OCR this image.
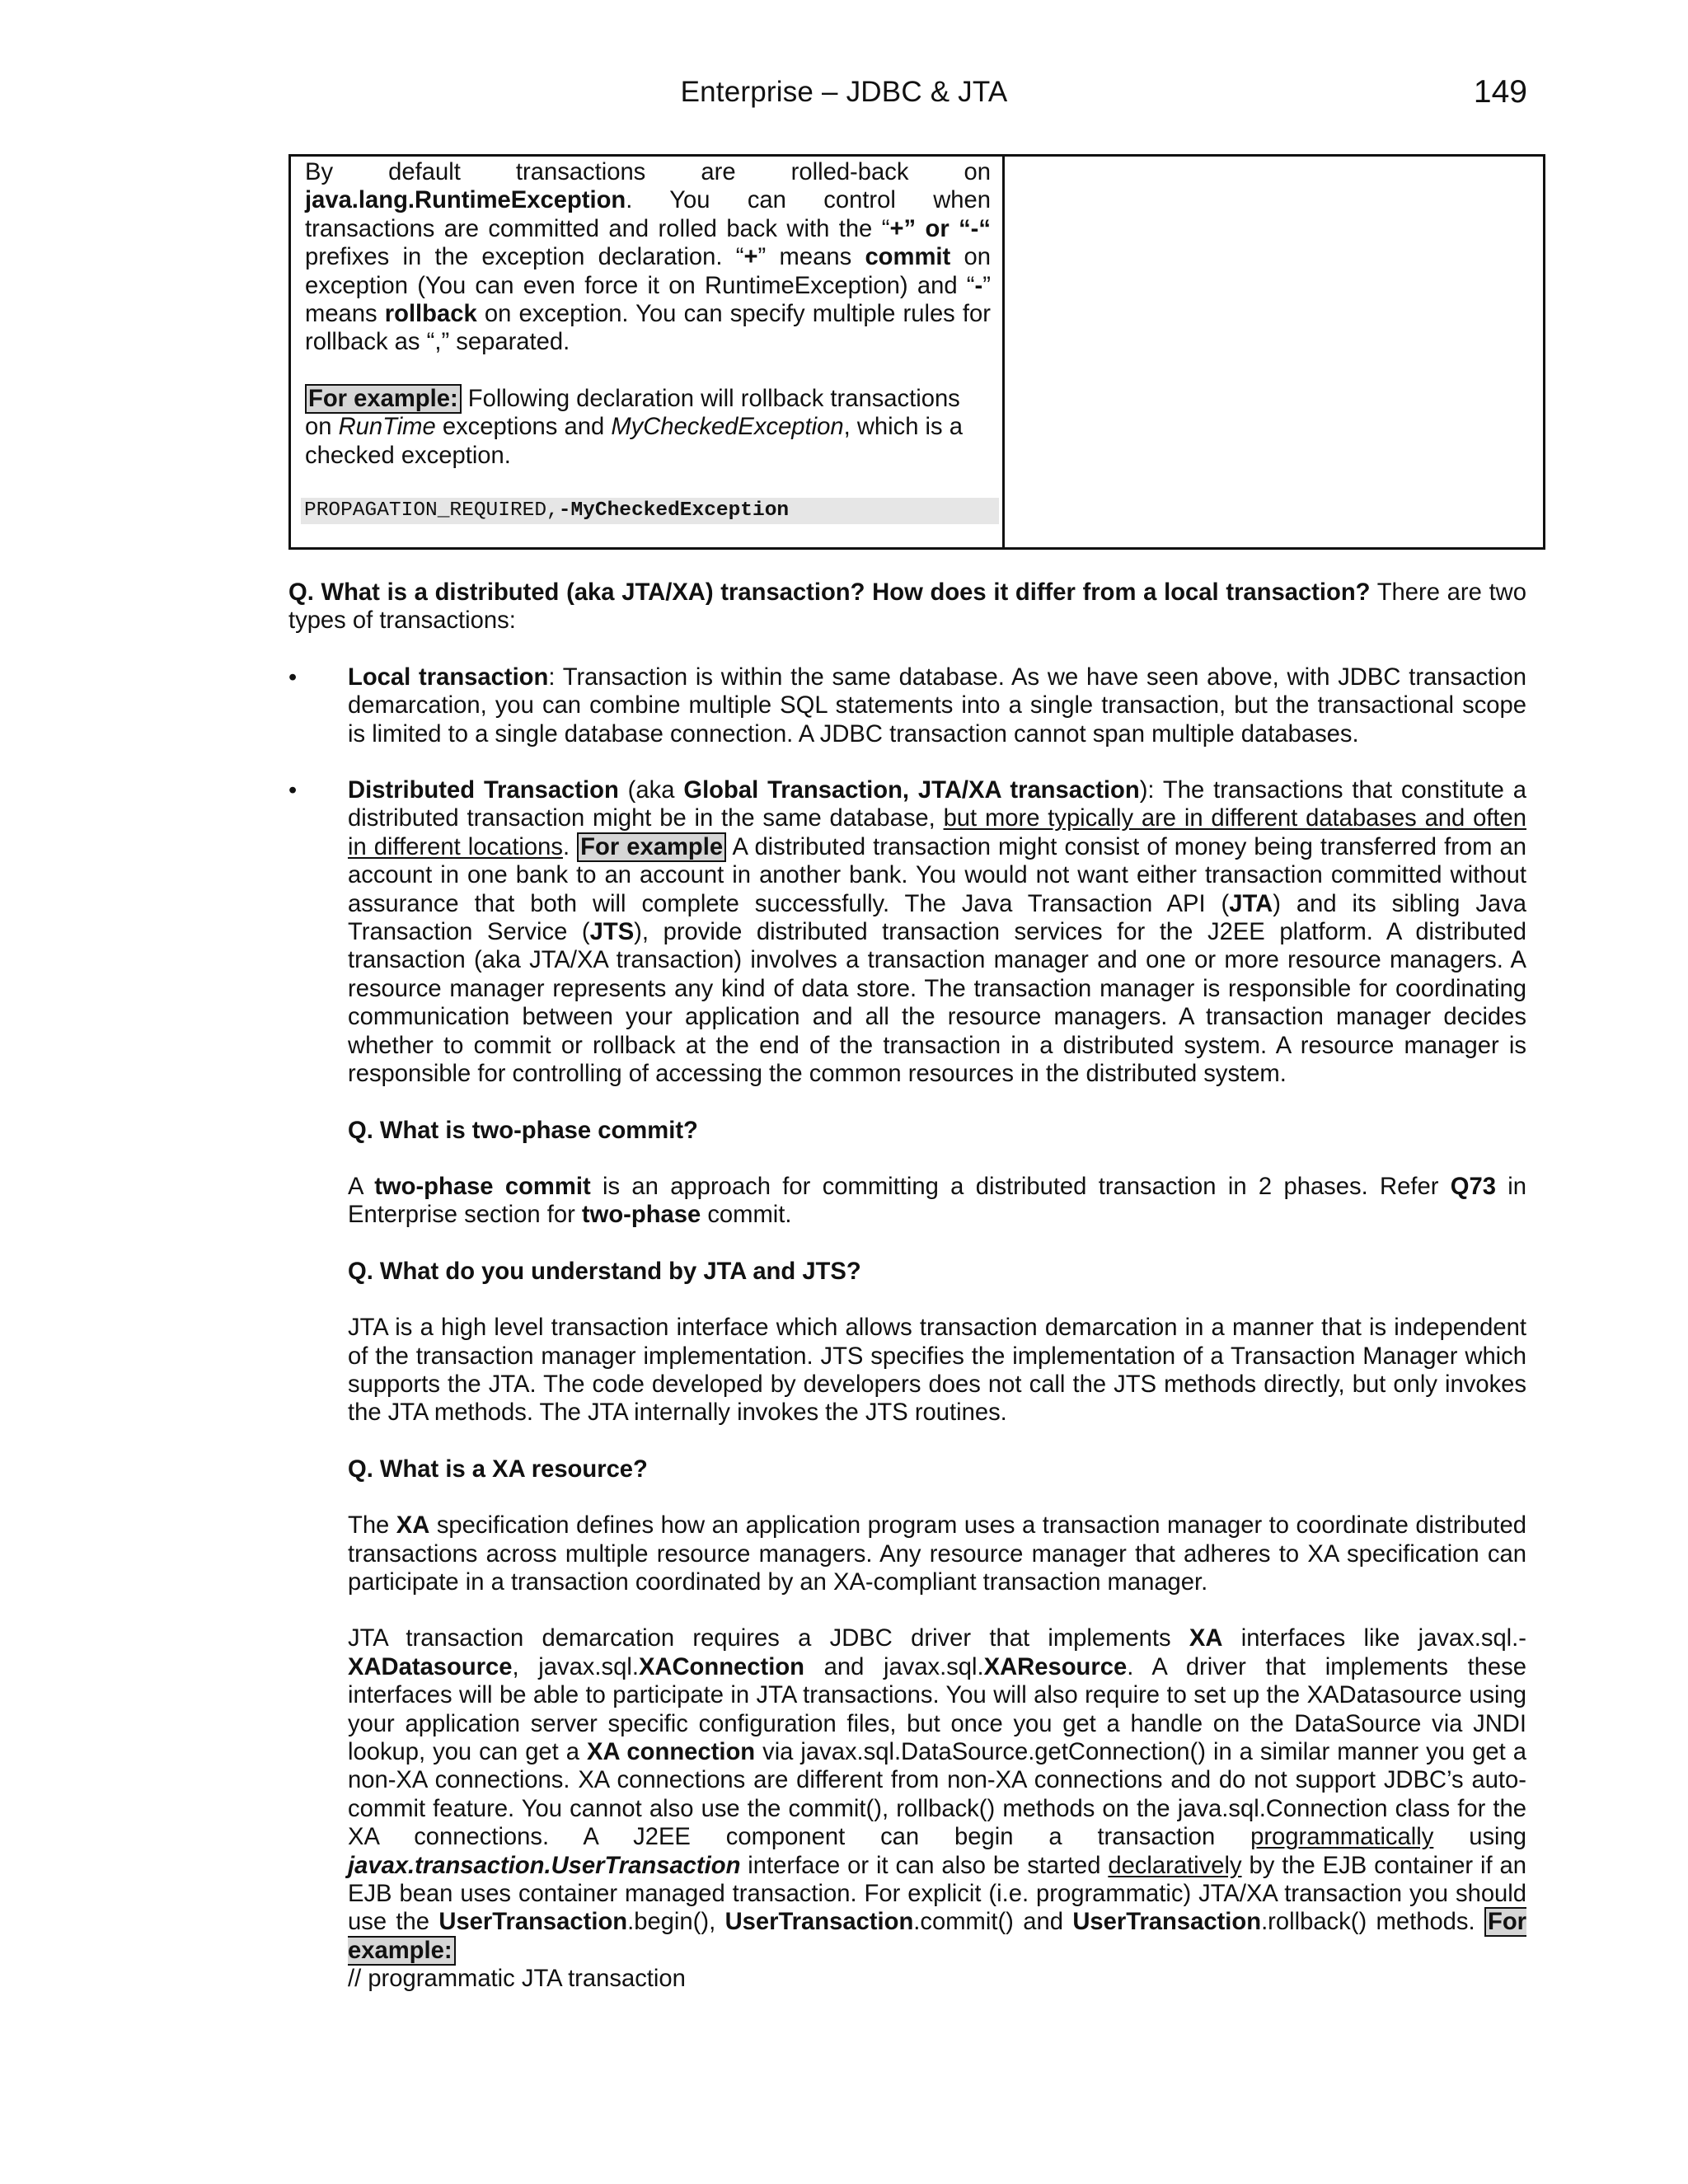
Enterprise – JDBC & JTA	149

By default transactions are rolled-back on java.lang.RuntimeException. You can control when transactions are committed and rolled back with the “+” or “-“ prefixes in the exception declaration. “+” means commit on exception (You can even force it on RuntimeException) and “-” means rollback on exception. You can specify multiple rules for rollback as “,” separated.

For example: Following declaration will rollback transactions on RunTime exceptions and MyCheckedException, which is a checked exception.

PROPAGATION_REQUIRED,-MyCheckedException

Q. What is a distributed (aka JTA/XA) transaction? How does it differ from a local transaction? There are two types of transactions:

• Local transaction: Transaction is within the same database. As we have seen above, with JDBC transaction demarcation, you can combine multiple SQL statements into a single transaction, but the transactional scope is limited to a single database connection. A JDBC transaction cannot span multiple databases.

• Distributed Transaction (aka Global Transaction, JTA/XA transaction): The transactions that constitute a distributed transaction might be in the same database, but more typically are in different databases and often in different locations. For example A distributed transaction might consist of money being transferred from an account in one bank to an account in another bank. You would not want either transaction committed without assurance that both will complete successfully. The Java Transaction API (JTA) and its sibling Java Transaction Service (JTS), provide distributed transaction services for the J2EE platform. A distributed transaction (aka JTA/XA transaction) involves a transaction manager and one or more resource managers. A resource manager represents any kind of data store. The transaction manager is responsible for coordinating communication between your application and all the resource managers. A transaction manager decides whether to commit or rollback at the end of the transaction in a distributed system. A resource manager is responsible for controlling of accessing the common resources in the distributed system.

Q. What is two-phase commit?

A two-phase commit is an approach for committing a distributed transaction in 2 phases. Refer Q73 in Enterprise section for two-phase commit.

Q. What do you understand by JTA and JTS?

JTA is a high level transaction interface which allows transaction demarcation in a manner that is independent of the transaction manager implementation. JTS specifies the implementation of a Transaction Manager which supports the JTA. The code developed by developers does not call the JTS methods directly, but only invokes the JTA methods. The JTA internally invokes the JTS routines.

Q. What is a XA resource?

The XA specification defines how an application program uses a transaction manager to coordinate distributed transactions across multiple resource managers. Any resource manager that adheres to XA specification can participate in a transaction coordinated by an XA-compliant transaction manager.

JTA transaction demarcation requires a JDBC driver that implements XA interfaces like javax.sql.-XADatasource, javax.sql.XAConnection and javax.sql.XAResource. A driver that implements these interfaces will be able to participate in JTA transactions. You will also require to set up the XADatasource using your application server specific configuration files, but once you get a handle on the DataSource via JNDI lookup, you can get a XA connection via javax.sql.DataSource.getConnection() in a similar manner you get a non-XA connections. XA connections are different from non-XA connections and do not support JDBC’s auto-commit feature. You cannot also use the commit(), rollback() methods on the java.sql.Connection class for the XA connections. A J2EE component can begin a transaction programmatically using javax.transaction.UserTransaction interface or it can also be started declaratively by the EJB container if an EJB bean uses container managed transaction. For explicit (i.e. programmatic) JTA/XA transaction you should use the UserTransaction.begin(), UserTransaction.commit() and UserTransaction.rollback() methods. For example:

// programmatic JTA transaction
